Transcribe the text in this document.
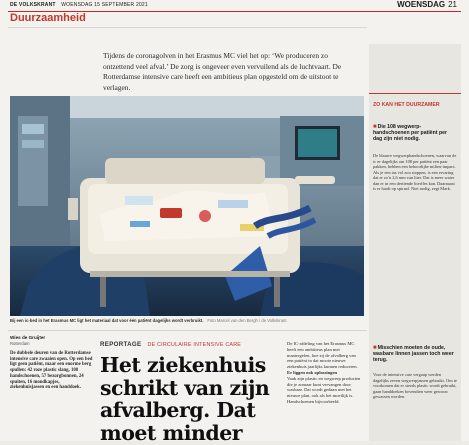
DE VOLKSKRANT WOENSDAG 15 SEPTEMBER 2021	WOENSDAG 21
Duurzaamheid
Tijdens de coronagolven in het Erasmus MC viel het op: ‘We produceren zo ontzettend veel afval.’ De zorg is ongeveer even vervuilend als de luchtvaart. De Rotterdamse intensive care heeft een ambitieus plan opgesteld om de uitstoot te verlagen.
Bij een ic-bed in het Erasmus MC ligt het materiaal dat voor één patiënt dagelijks wordt verbruikt. Foto Marcel van den Bergh / de Volkskrant
ZO KAN HET DUURZAMER
■Die 108 wegwerp-handschoenen per patiënt per dag zijn niet nodig.
De blauwe wegwerphandschoenen, waarvan de ic er dagelijks om 108 per patiënt een paar pakken, hebben een behoorlijke milieu-impact. Als je een tas vol zou stoppen, is een ervaring dat er zo'n 2,6 mm van liter. Dat is meer water dan er in een dertiende literfles kan. Daarnaast is er hardt op spiraal. Niet nodig, zegt Mark.
■Misschien moeten de oude, wasbare linnen jassen toch weer terug.
Voor de intensive care vergaap werden dagelijks zeven wegwerpjassen gebruikt. Om te voorkomen dat er steeds plastic wordt gebruikt, gaan handdoeken bovendien weer gewoon gewassen worden.
Wies de Gruijter
Rotterdam
De dubbele deuren van de Rotterdamse intensive care zwaaien open. Op een bed ligt geen patiënt, maar een enorme berg spullen: 42 roze plastic slang, 108 handschoenen, 57 bezorgbonnen, 24 spuiten, 16 mondkapjes, ziekenhuisjassen en een handdoek.
REPORTAGE DE CIRCULAIRE INTENSIVE CARE
Het ziekenhuis schrikt van zijn afvalberg. Dat moet minder
De IC-afdeling van het Erasmus MC heeft een ambitieus plan met maatregelen, hoe zij de afvalberg van een patiënt in dat mooie nieuwe ziekenhuis jaarlijks kunnen reduceren.
Er liggen ook oplossingen
Vaak zijn plastic en wegwerp producten die je zomaar kunt vervangen door wasbaar. Dat wordt gedaan met het nieuwe plan, ook als het moeilijk is. Handschoenen bijvoorbeeld.
